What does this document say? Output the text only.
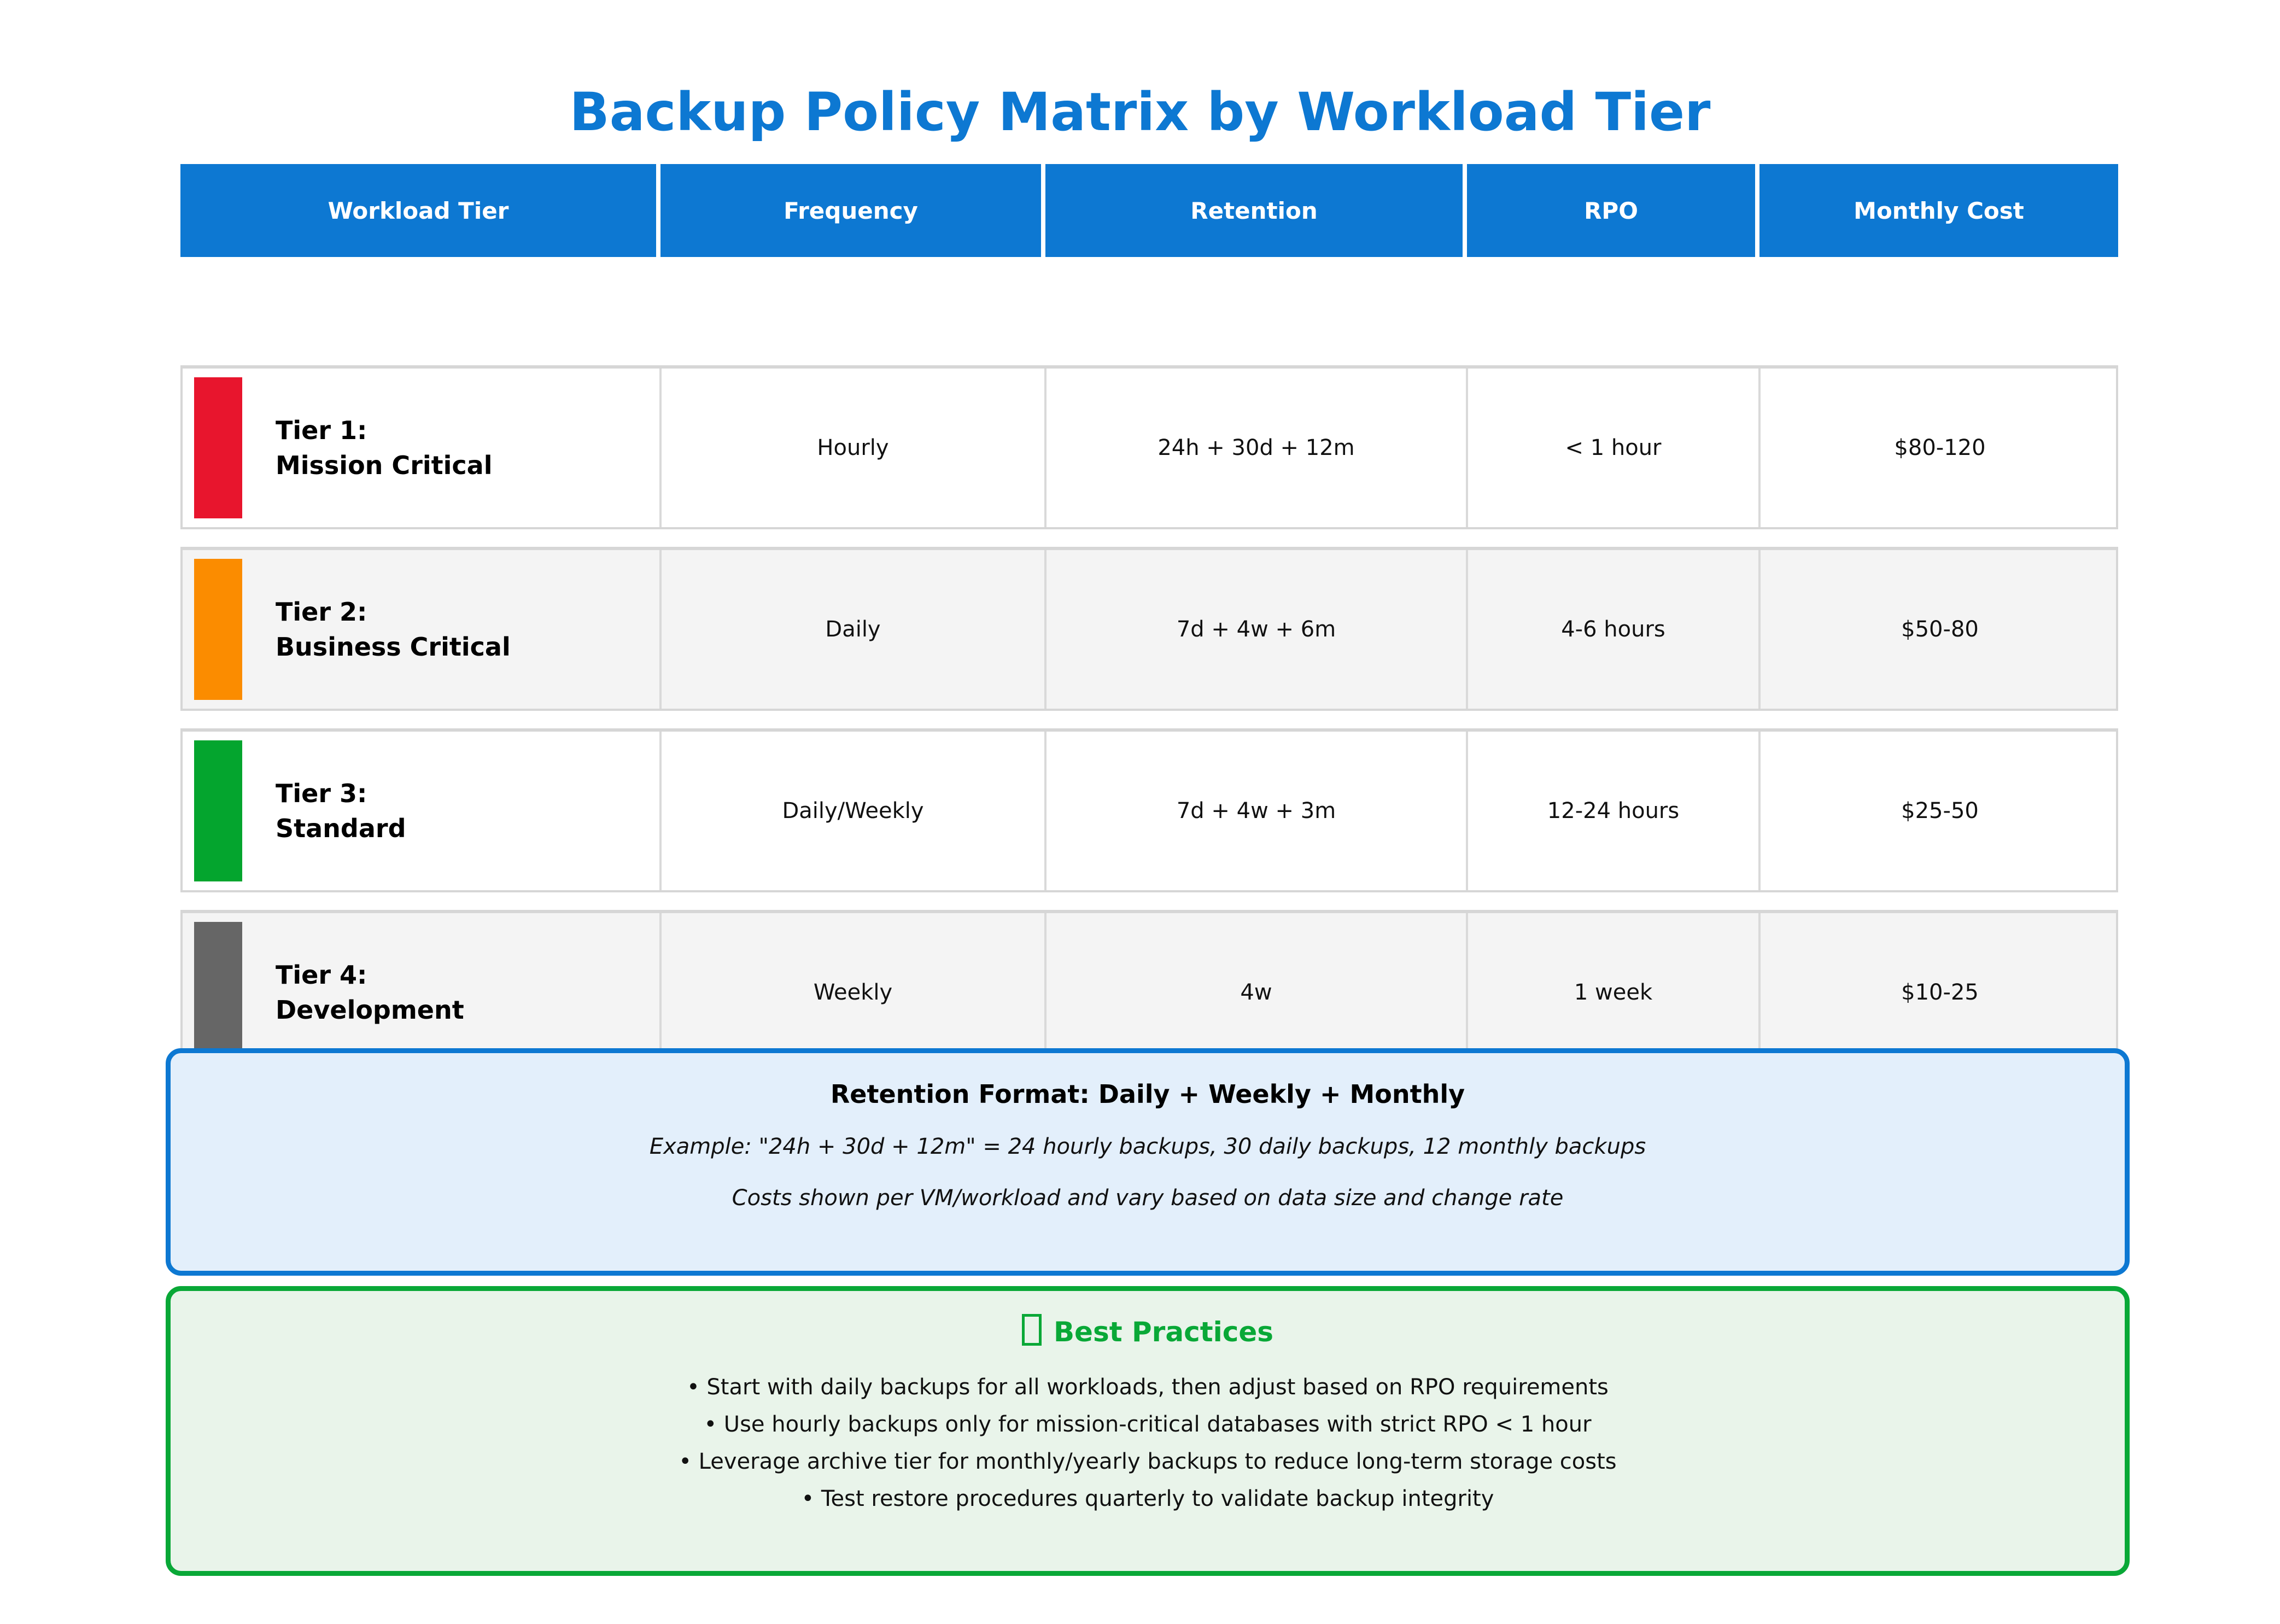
Backup Policy Matrix by Workload Tier
Workload Tier	Frequency	Retention	RPO	Monthly Cost
Tier 1:
Mission Critical
Hourly	24h + 30d + 12m	< 1 hour	$80-120
Tier 2:
Business Critical
Daily	7d + 4w + 6m	4-6 hours	$50-80
Tier 3:
Standard
Daily/Weekly	7d + 4w + 3m	12-24 hours	$25-50
Tier 4:
Development
Weekly	4w	1 week	$10-25

Retention Format: Daily + Weekly + Monthly

Example: "24h + 30d + 12m" = 24 hourly backups, 30 daily backups, 12 monthly backups

Costs shown per VM/workload and vary based on data size and change rate

Best Practices

• Start with daily backups for all workloads, then adjust based on RPO requirements

• Use hourly backups only for mission-critical databases with strict RPO < 1 hour

• Leverage archive tier for monthly/yearly backups to reduce long-term storage costs

• Test restore procedures quarterly to validate backup integrity
